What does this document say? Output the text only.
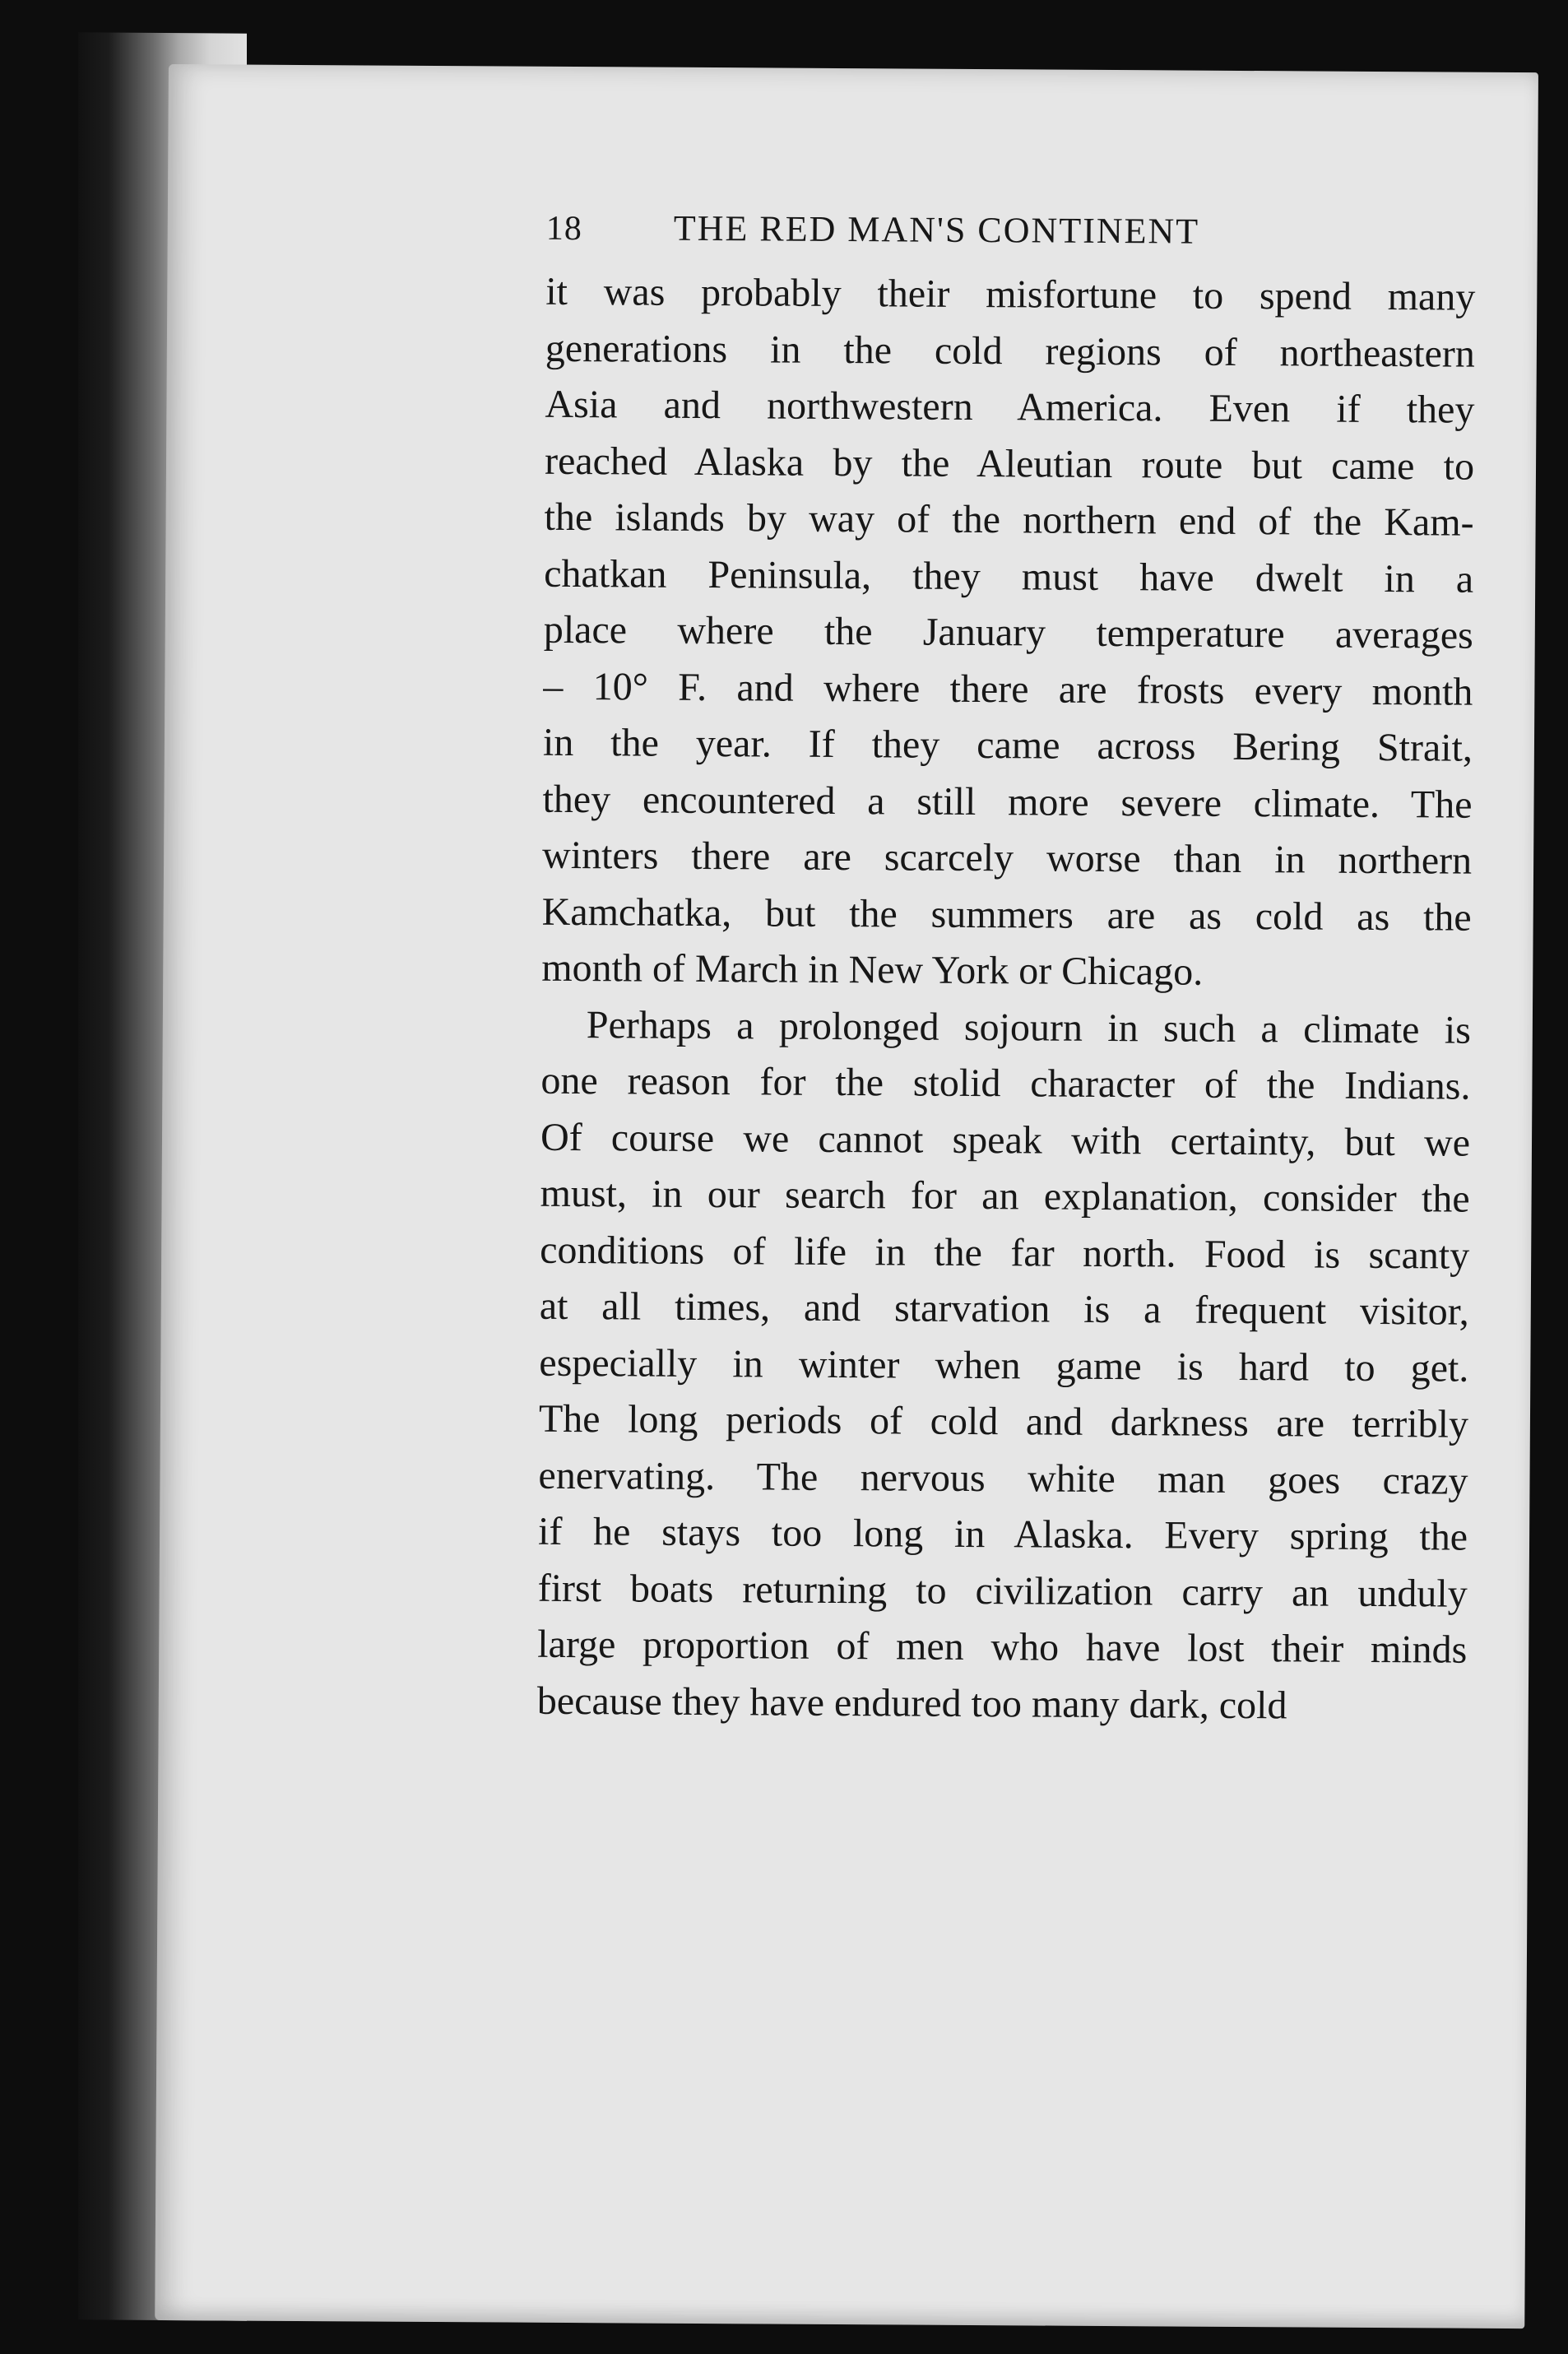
18	THE RED MAN'S CONTINENT

it was probably their misfortune to spend many
generations in the cold regions of northeastern
Asia and northwestern America. Even if they
reached Alaska by the Aleutian route but came to
the islands by way of the northern end of the Kam-
chatkan Peninsula, they must have dwelt in a
place where the January temperature averages
– 10° F. and where there are frosts every month
in the year. If they came across Bering Strait,
they encountered a still more severe climate. The
winters there are scarcely worse than in northern
Kamchatka, but the summers are as cold as the
month of March in New York or Chicago.

Perhaps a prolonged sojourn in such a climate is
one reason for the stolid character of the Indians.
Of course we cannot speak with certainty, but we
must, in our search for an explanation, consider the
conditions of life in the far north. Food is scanty
at all times, and starvation is a frequent visitor,
especially in winter when game is hard to get.
The long periods of cold and darkness are terribly
enervating. The nervous white man goes crazy
if he stays too long in Alaska. Every spring the
first boats returning to civilization carry an unduly
large proportion of men who have lost their minds
because they have endured too many dark, cold
